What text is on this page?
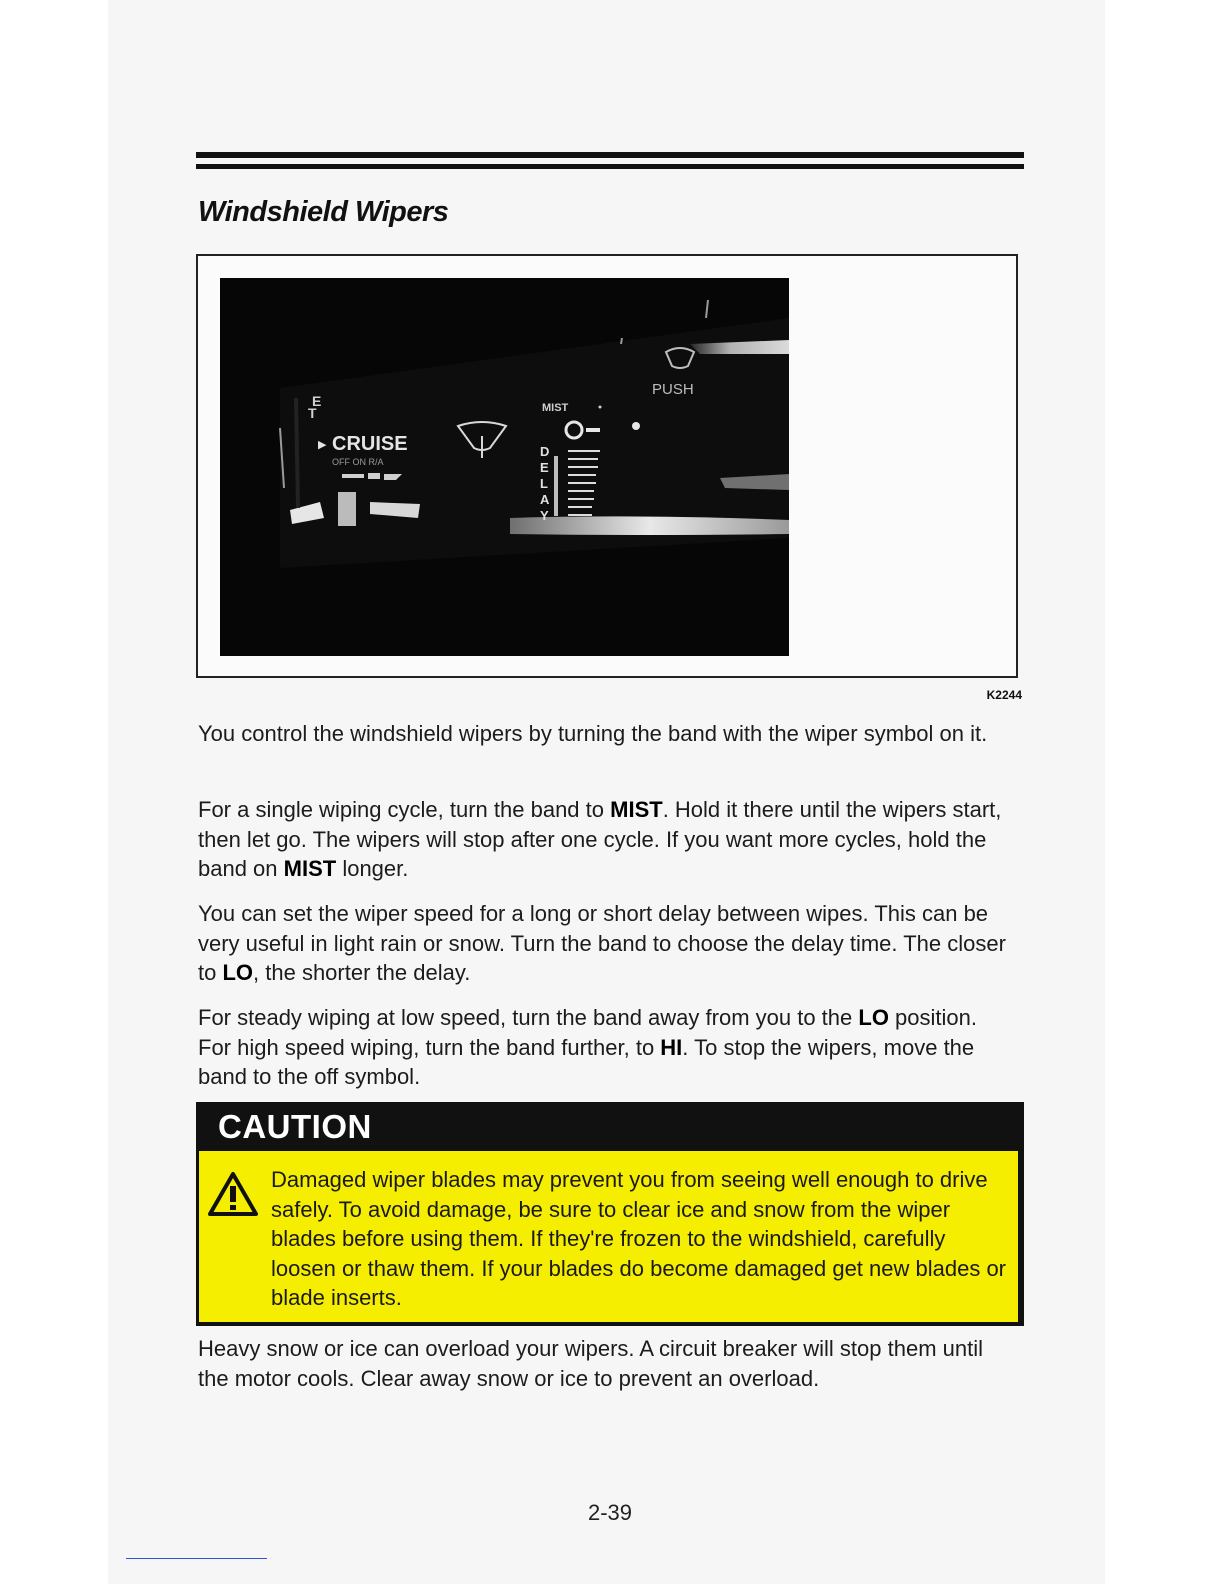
Windshield Wipers
T
E
▶ CRUISE
OFF ON R/A
MIST
D
E
L
A
Y
PUSH
K2244

You control the windshield wipers by turning the band with the wiper symbol on it.

For a single wiping cycle, turn the band to MIST. Hold it there until the wipers start, then let go. The wipers will stop after one cycle. If you want more cycles, hold the band on MIST longer.

You can set the wiper speed for a long or short delay between wipes. This can be very useful in light rain or snow. Turn the band to choose the delay time. The closer to LO, the shorter the delay.

For steady wiping at low speed, turn the band away from you to the LO position. For high speed wiping, turn the band further, to HI. To stop the wipers, move the band to the off symbol.

CAUTION

Damaged wiper blades may prevent you from seeing well enough to drive safely. To avoid damage, be sure to clear ice and snow from the wiper blades before using them. If they're frozen to the windshield, carefully loosen or thaw them. If your blades do become damaged get new blades or blade inserts.

Heavy snow or ice can overload your wipers. A circuit breaker will stop them until the motor cools. Clear away snow or ice to prevent an overload.

2-39
